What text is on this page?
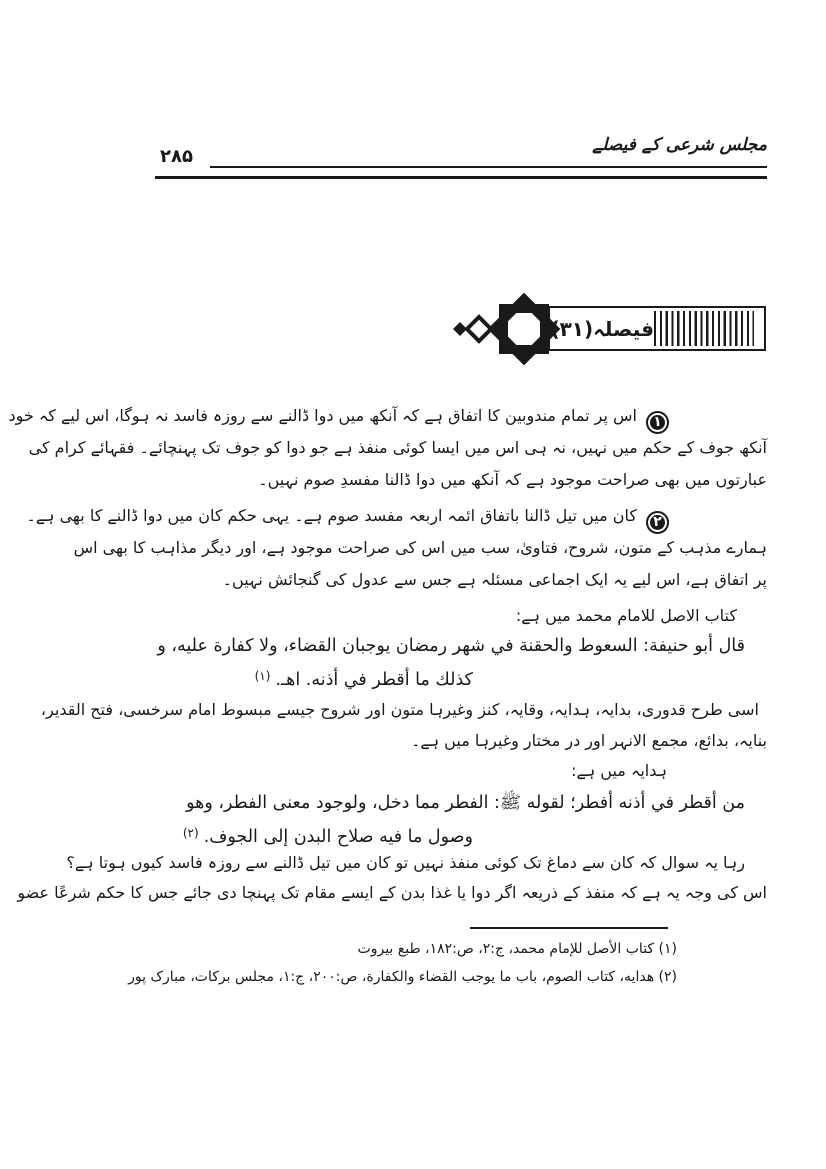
مجلس شرعی کے فیصلے
۲۸۵
فیصلہ(۳۱)
۱اس پر تمام مندوبین کا اتفاق ہے کہ آنکھ میں دوا ڈالنے سے روزہ فاسد نہ ہوگا، اس لیے کہ خود
آنکھ جوف کے حکم میں نہیں، نہ ہی اس میں ایسا کوئی منفذ ہے جو دوا کو جوف تک پہنچائے۔ فقہائے کرام کی
عبارتوں میں بھی صراحت موجود ہے کہ آنکھ میں دوا ڈالنا مفسدِ صوم نہیں۔
۲کان میں تیل ڈالنا باتفاق ائمہ اربعہ مفسد صوم ہے۔ یہی حکم کان میں دوا ڈالنے کا بھی ہے۔
ہمارے مذہب کے متون، شروح، فتاویٰ، سب میں اس کی صراحت موجود ہے، اور دیگر مذاہب کا بھی اس
پر اتفاق ہے، اس لیے یہ ایک اجماعی مسئلہ ہے جس سے عدول کی گنجائش نہیں۔
کتاب الاصل للامام محمد میں ہے:
قال أبو حنيفة: السعوط والحقنة في شهر رمضان يوجبان القضاء، ولا كفارة عليه، و
كذلك ما أقطر في أذنه. اهـ.$^{(۱)}$
اسی طرح قدوری، بدایہ، ہدایہ، وقایہ، کنز وغیرہا متون اور شروح جیسے مبسوط امام سرخسی، فتح القدیر،
بنایہ، بدائع، مجمع الانہر اور در مختار وغیرہا میں ہے۔
ہدایہ میں ہے:
من أقطر في أذنه أفطر؛ لقوله ﷺ: الفطر مما دخل، ولوجود معنى الفطر، وهو
وصول ما فيه صلاح البدن إلى الجوف.$^{(۲)}$
رہا یہ سوال کہ کان سے دماغ تک کوئی منفذ نہیں تو کان میں تیل ڈالنے سے روزہ فاسد کیوں ہوتا ہے؟
اس کی وجہ یہ ہے کہ منفذ کے ذریعہ اگر دوا یا غذا بدن کے ایسے مقام تک پہنچا دی جائے جس کا حکم شرعًا عضو
(۱) كتاب الأصل للإمام محمد، ج:۲، ص:۱۸۲، طبع بيروت
(۲) هدايه، كتاب الصوم، باب ما يوجب القضاء والكفارة، ص:۲۰۰، ج:۱، مجلس برکات، مبارک پور
